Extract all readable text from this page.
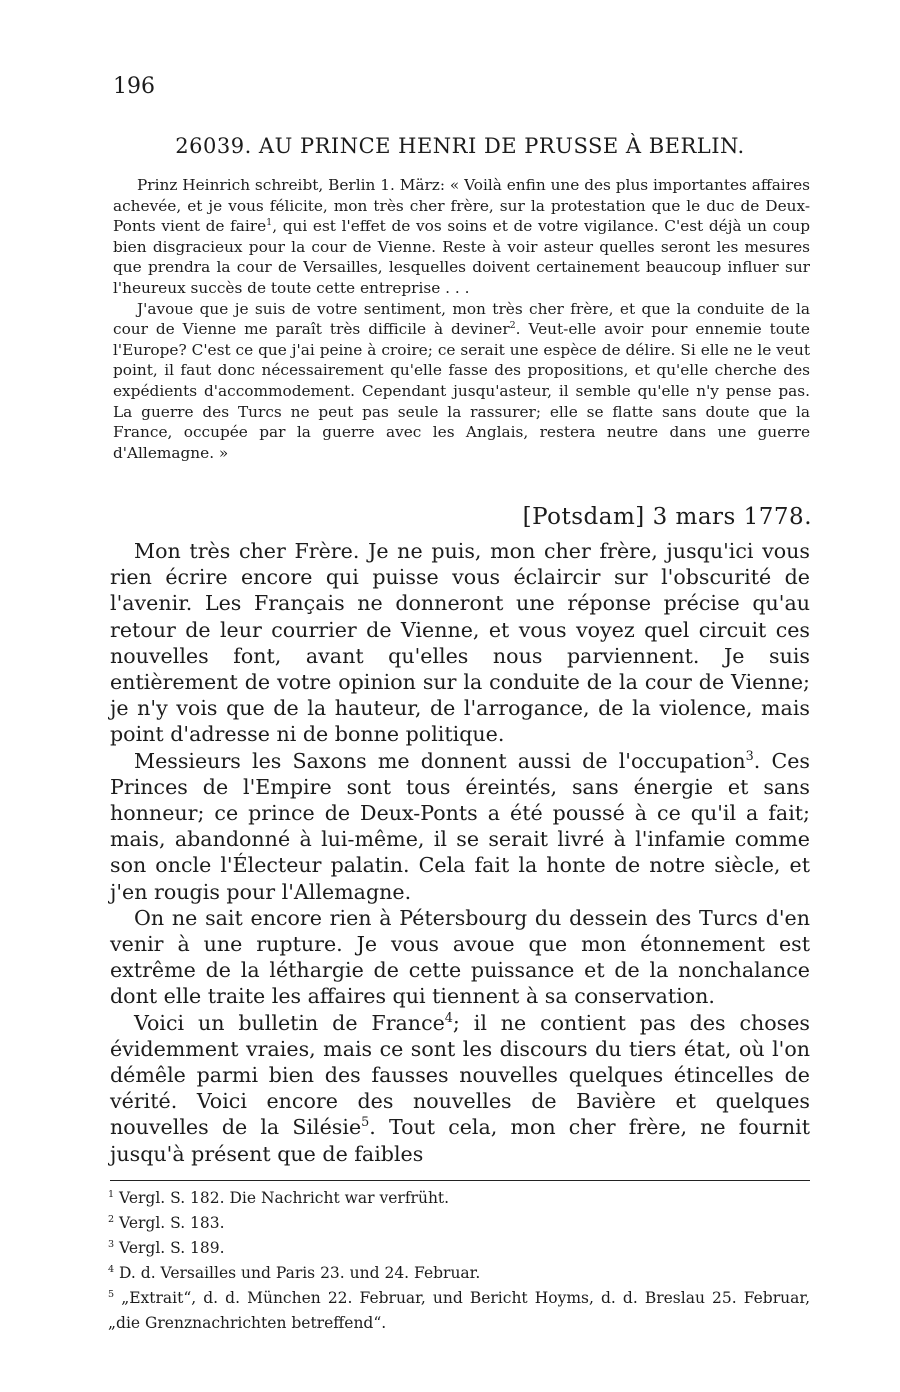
196
26039. AU PRINCE HENRI DE PRUSSE À BERLIN.

Prinz Heinrich schreibt, Berlin 1. März: « Voilà enfin une des plus importantes affaires achevée, et je vous félicite, mon très cher frère, sur la protestation que le duc de Deux-Ponts vient de faire$^1$, qui est l'effet de vos soins et de votre vigilance. C'est déjà un coup bien disgracieux pour la cour de Vienne. Reste à voir asteur quelles seront les mesures que prendra la cour de Versailles, lesquelles doivent certainement beaucoup influer sur l'heureux succès de toute cette entreprise . . .

J'avoue que je suis de votre sentiment, mon très cher frère, et que la conduite de la cour de Vienne me paraît très difficile à deviner$^2$. Veut-elle avoir pour ennemie toute l'Europe? C'est ce que j'ai peine à croire; ce serait une espèce de délire. Si elle ne le veut point, il faut donc nécessairement qu'elle fasse des propositions, et qu'elle cherche des expédients d'accommodement. Cependant jusqu'asteur, il semble qu'elle n'y pense pas. La guerre des Turcs ne peut pas seule la rassurer; elle se flatte sans doute que la France, occupée par la guerre avec les Anglais, restera neutre dans une guerre d'Allemagne. »

[Potsdam] 3 mars 1778.

Mon très cher Frère. Je ne puis, mon cher frère, jusqu'ici vous rien écrire encore qui puisse vous éclaircir sur l'obscurité de l'avenir. Les Français ne donneront une réponse précise qu'au retour de leur courrier de Vienne, et vous voyez quel circuit ces nouvelles font, avant qu'elles nous parviennent. Je suis entièrement de votre opinion sur la conduite de la cour de Vienne; je n'y vois que de la hauteur, de l'arrogance, de la violence, mais point d'adresse ni de bonne politique.

Messieurs les Saxons me donnent aussi de l'occupation$^3$. Ces Princes de l'Empire sont tous éreintés, sans énergie et sans honneur; ce prince de Deux-Ponts a été poussé à ce qu'il a fait; mais, abandonné à lui-même, il se serait livré à l'infamie comme son oncle l'Électeur palatin. Cela fait la honte de notre siècle, et j'en rougis pour l'Allemagne.

On ne sait encore rien à Pétersbourg du dessein des Turcs d'en venir à une rupture. Je vous avoue que mon étonnement est extrême de la léthargie de cette puissance et de la nonchalance dont elle traite les affaires qui tiennent à sa conservation.

Voici un bulletin de France$^4$; il ne contient pas des choses évidemment vraies, mais ce sont les discours du tiers état, où l'on démêle parmi bien des fausses nouvelles quelques étincelles de vérité. Voici encore des nouvelles de Bavière et quelques nouvelles de la Silésie$^5$. Tout cela, mon cher frère, ne fournit jusqu'à présent que de faibles

$^1$ Vergl. S. 182. Die Nachricht war verfrüht.

$^2$ Vergl. S. 183.

$^3$ Vergl. S. 189.

$^4$ D. d. Versailles und Paris 23. und 24. Februar.

$^5$ „Extrait“, d. d. München 22. Februar, und Bericht Hoyms, d. d. Breslau 25. Februar, „die Grenznachrichten betreffend“.
